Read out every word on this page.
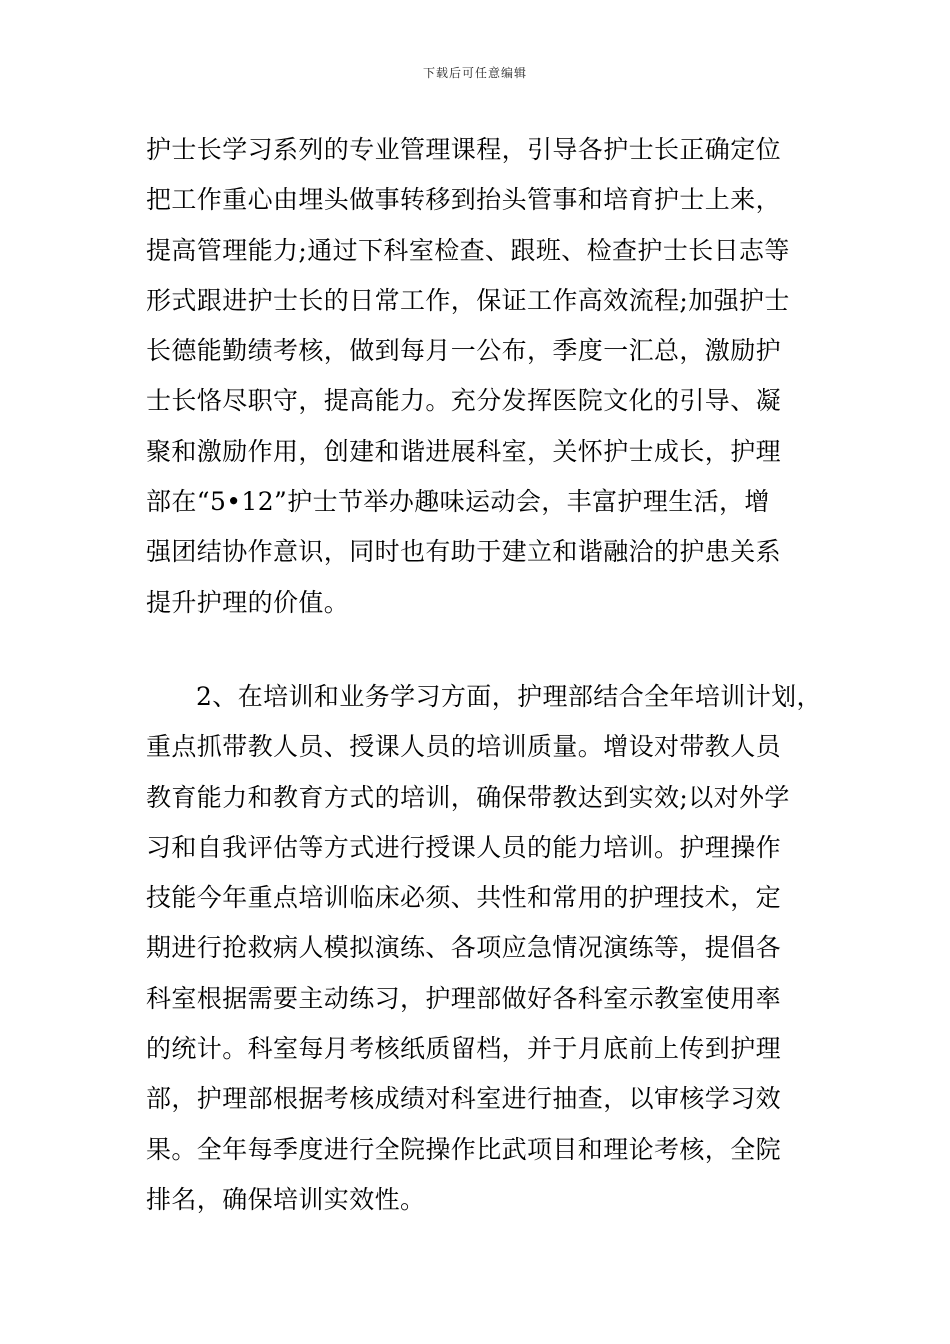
下载后可任意编辑

护士长学习系列的专业管理课程，引导各护士长正确定位
把工作重心由埋头做事转移到抬头管事和培育护士上来，
提高管理能力;通过下科室检查、跟班、检查护士长日志等
形式跟进护士长的日常工作，保证工作高效流程;加强护士
长德能勤绩考核，做到每月一公布，季度一汇总，激励护
士长恪尽职守，提高能力。充分发挥医院文化的引导、凝
聚和激励作用，创建和谐进展科室，关怀护士成长，护理
部在“5•12”护士节举办趣味运动会，丰富护理生活，增
强团结协作意识，同时也有助于建立和谐融洽的护患关系
提升护理的价值。

2、在培训和业务学习方面，护理部结合全年培训计划，
重点抓带教人员、授课人员的培训质量。增设对带教人员
教育能力和教育方式的培训，确保带教达到实效;以对外学
习和自我评估等方式进行授课人员的能力培训。护理操作
技能今年重点培训临床必须、共性和常用的护理技术，定
期进行抢救病人模拟演练、各项应急情况演练等，提倡各
科室根据需要主动练习，护理部做好各科室示教室使用率
的统计。科室每月考核纸质留档，并于月底前上传到护理
部，护理部根据考核成绩对科室进行抽查，以审核学习效
果。全年每季度进行全院操作比武项目和理论考核，全院
排名，确保培训实效性。
